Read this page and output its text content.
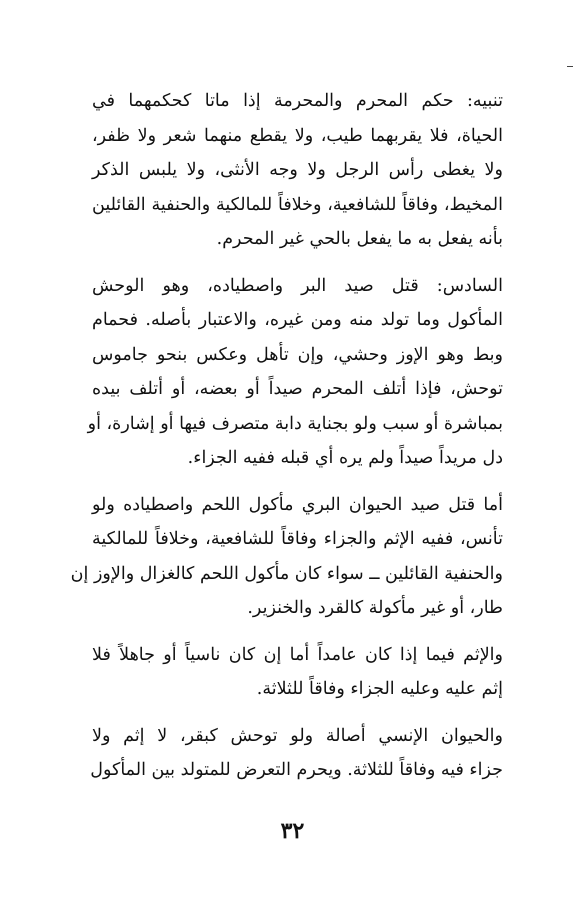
تنبيه: حكم المحرم والمحرمة إذا ماتا كحكمهما في
الحياة، فلا يقربهما طيب، ولا يقطع منهما شعر ولا ظفر،
ولا يغطى رأس الرجل ولا وجه الأنثى، ولا يلبس الذكر
المخيط، وفاقاً للشافعية، وخلافاً للمالكية والحنفية القائلين
بأنه يفعل به ما يفعل بالحي غير المحرم.

السادس: قتل صيد البر واصطياده، وهو الوحش
المأكول وما تولد منه ومن غيره، والاعتبار بأصله. فحمام
وبط وهو الإوز وحشي، وإن تأهل وعكس بنحو جاموس
توحش، فإذا أتلف المحرم صيداً أو بعضه، أو أتلف بيده
بمباشرة أو سبب ولو بجناية دابة متصرف فيها أو إشارة، أو
دل مريداً صيداً ولم يره أي قبله ففيه الجزاء.

أما قتل صيد الحيوان البري مأكول اللحم واصطياده ولو
تأنس، ففيه الإثم والجزاء وفاقاً للشافعية، وخلافاً للمالكية
والحنفية القائلين ــ سواء كان مأكول اللحم كالغزال والإوز إن
طار، أو غير مأكولة كالقرد والخنزير.

والإثم فيما إذا كان عامداً أما إن كان ناسياً أو جاهلاً فلا
إثم عليه وعليه الجزاء وفاقاً للثلاثة.

والحيوان الإنسي أصالة ولو توحش كبقر، لا إثم ولا
جزاء فيه وفاقاً للثلاثة. ويحرم التعرض للمتولد بين المأكول

٣٢
